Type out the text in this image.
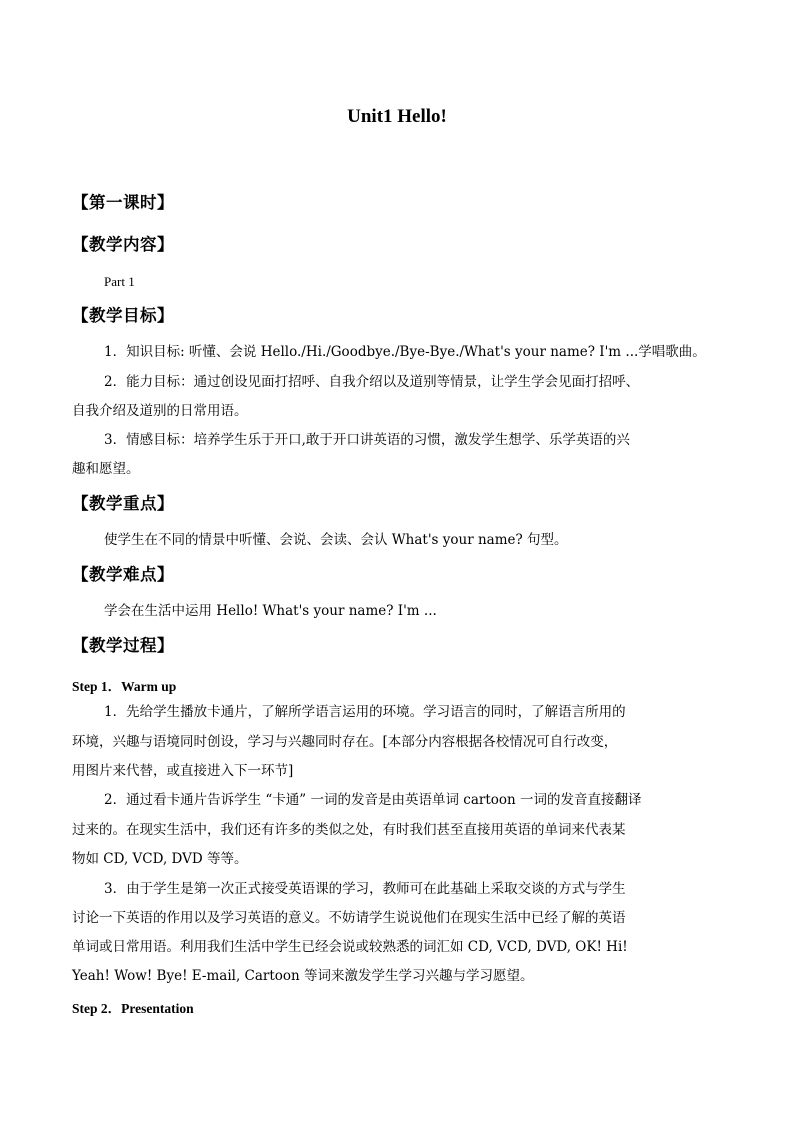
Unit1 Hello!
【第一课时】
【教学内容】
Part 1
【教学目标】
1．知识目标: 听懂、会说 Hello./Hi./Goodbye./Bye-Bye./What's your name? I'm ...学唱歌曲。
2．能力目标：通过创设见面打招呼、自我介绍以及道别等情景，让学生学会见面打招呼、
自我介绍及道别的日常用语。
3．情感目标：培养学生乐于开口,敢于开口讲英语的习惯，激发学生想学、乐学英语的兴
趣和愿望。
【教学重点】
使学生在不同的情景中听懂、会说、会读、会认 What's your name? 句型。
【教学难点】
学会在生活中运用 Hello! What's your name? I'm ...
【教学过程】
Step 1．Warm up
1．先给学生播放卡通片，了解所学语言运用的环境。学习语言的同时，了解语言所用的
环境，兴趣与语境同时创设，学习与兴趣同时存在。[本部分内容根据各校情况可自行改变，
用图片来代替，或直接进入下一环节]
2．通过看卡通片告诉学生 “卡通” 一词的发音是由英语单词 cartoon 一词的发音直接翻译
过来的。在现实生活中，我们还有许多的类似之处，有时我们甚至直接用英语的单词来代表某
物如 CD, VCD, DVD 等等。
3．由于学生是第一次正式接受英语课的学习，教师可在此基础上采取交谈的方式与学生
讨论一下英语的作用以及学习英语的意义。不妨请学生说说他们在现实生活中已经了解的英语
单词或日常用语。利用我们生活中学生已经会说或较熟悉的词汇如 CD, VCD, DVD, OK! Hi!
Yeah! Wow! Bye! E-mail, Cartoon 等词来激发学生学习兴趣与学习愿望。
Step 2．Presentation
